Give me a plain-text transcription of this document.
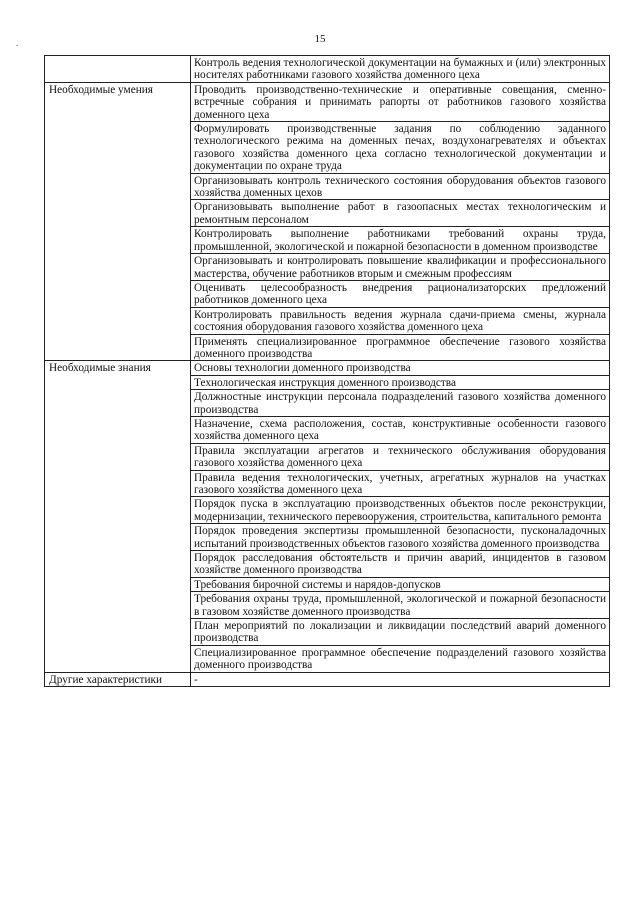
15
.
	Контроль ведения технологической документации на бумажных и (или) электронных носителях работниками газового хозяйства доменного цеха
Необходимые умения	Проводить производственно-технические и оперативные совещания, сменно-встречные собрания и принимать рапорты от работников газового хозяйства доменного цеха
	Формулировать производственные задания по соблюдению заданного технологического режима на доменных печах, воздухонагревателях и объектах газового хозяйства доменного цеха согласно технологической документации и документации по охране труда
	Организовывать контроль технического состояния оборудования объектов газового хозяйства доменных цехов
	Организовывать выполнение работ в газоопасных местах технологическим и ремонтным персоналом
	Контролировать выполнение работниками требований охраны труда, промышленной, экологической и пожарной безопасности в доменном производстве
	Организовывать и контролировать повышение квалификации и профессионального мастерства, обучение работников вторым и смежным профессиям
	Оценивать целесообразность внедрения рационализаторских предложений работников доменного цеха
	Контролировать правильность ведения журнала сдачи-приема смены, журнала состояния оборудования газового хозяйства доменного цеха
	Применять специализированное программное обеспечение газового хозяйства доменного производства
Необходимые знания	Основы технологии доменного производства
	Технологическая инструкция доменного производства
	Должностные инструкции персонала подразделений газового хозяйства доменного производства
	Назначение, схема расположения, состав, конструктивные особенности газового хозяйства доменного цеха
	Правила эксплуатации агрегатов и технического обслуживания оборудования газового хозяйства доменного цеха
	Правила ведения технологических, учетных, агрегатных журналов на участках газового хозяйства доменного цеха
	Порядок пуска в эксплуатацию производственных объектов после реконструкции, модернизации, технического перевооружения, строительства, капитального ремонта
	Порядок проведения экспертизы промышленной безопасности, пусконаладочных испытаний производственных объектов газового хозяйства доменного производства
	Порядок расследования обстоятельств и причин аварий, инцидентов в газовом хозяйстве доменного производства
	Требования бирочной системы и нарядов-допусков
	Требования охраны труда, промышленной, экологической и пожарной безопасности в газовом хозяйстве доменного производства
	План мероприятий по локализации и ликвидации последствий аварий доменного производства
	Специализированное программное обеспечение подразделений газового хозяйства доменного производства
Другие характеристики	-
